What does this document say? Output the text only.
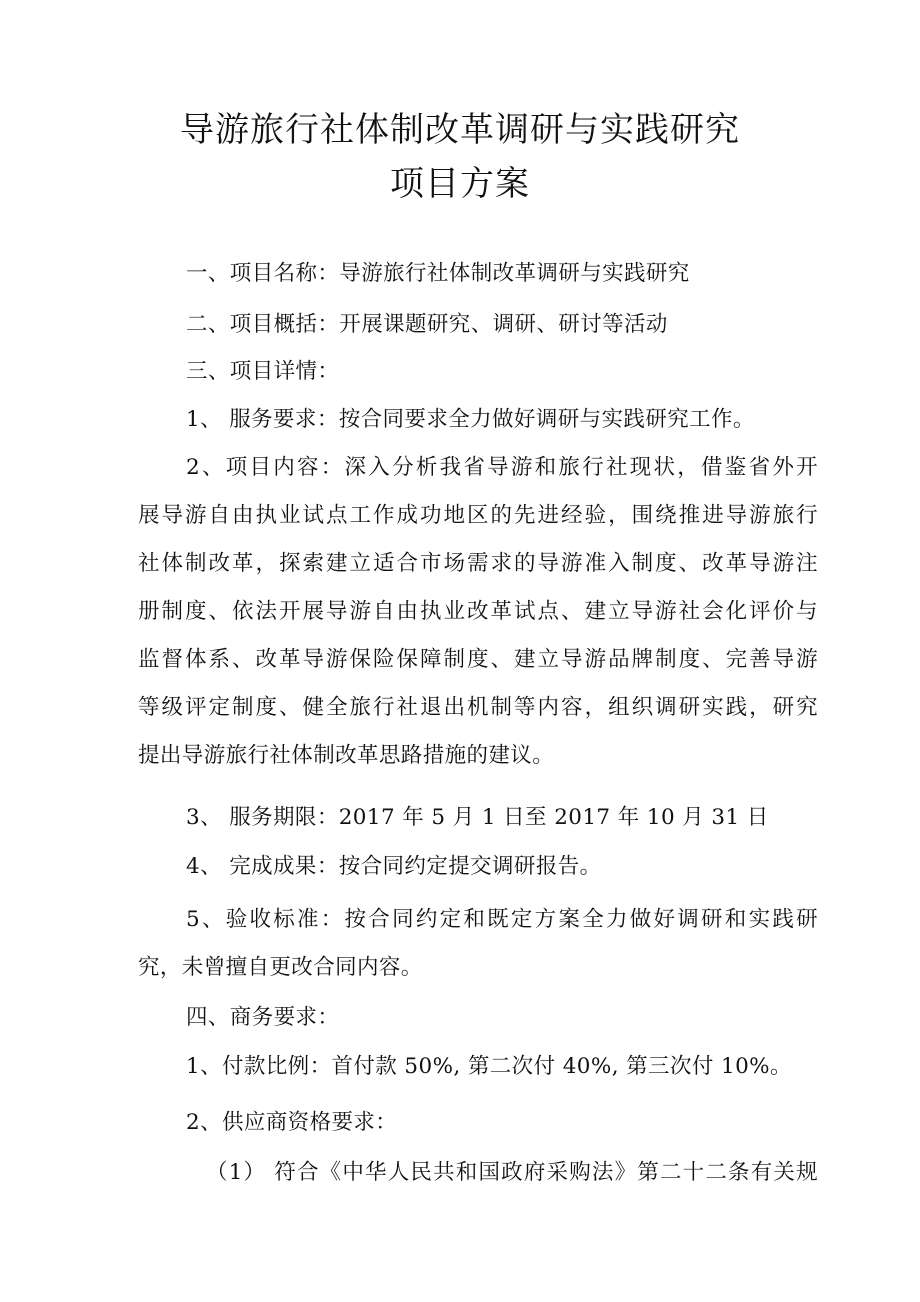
导游旅行社体制改革调研与实践研究
项目方案
一、项目名称：导游旅行社体制改革调研与实践研究
二、项目概括：开展课题研究、调研、研讨等活动
三、项目详情：
1、 服务要求：按合同要求全力做好调研与实践研究工作。
2、项目内容：深入分析我省导游和旅行社现状，借鉴省外开
展导游自由执业试点工作成功地区的先进经验，围绕推进导游旅行
社体制改革，探索建立适合市场需求的导游准入制度、改革导游注
册制度、依法开展导游自由执业改革试点、建立导游社会化评价与
监督体系、改革导游保险保障制度、建立导游品牌制度、完善导游
等级评定制度、健全旅行社退出机制等内容，组织调研实践，研究
提出导游旅行社体制改革思路措施的建议。
3、 服务期限：2017 年 5 月 1 日至 2017 年 10 月 31 日
4、 完成成果：按合同约定提交调研报告。
5、验收标准：按合同约定和既定方案全力做好调研和实践研
究，未曾擅自更改合同内容。
四、商务要求：
1、付款比例：首付款 50%, 第二次付 40%, 第三次付 10%。
2、供应商资格要求：
（1） 符合《中华人民共和国政府采购法》第二十二条有关规
